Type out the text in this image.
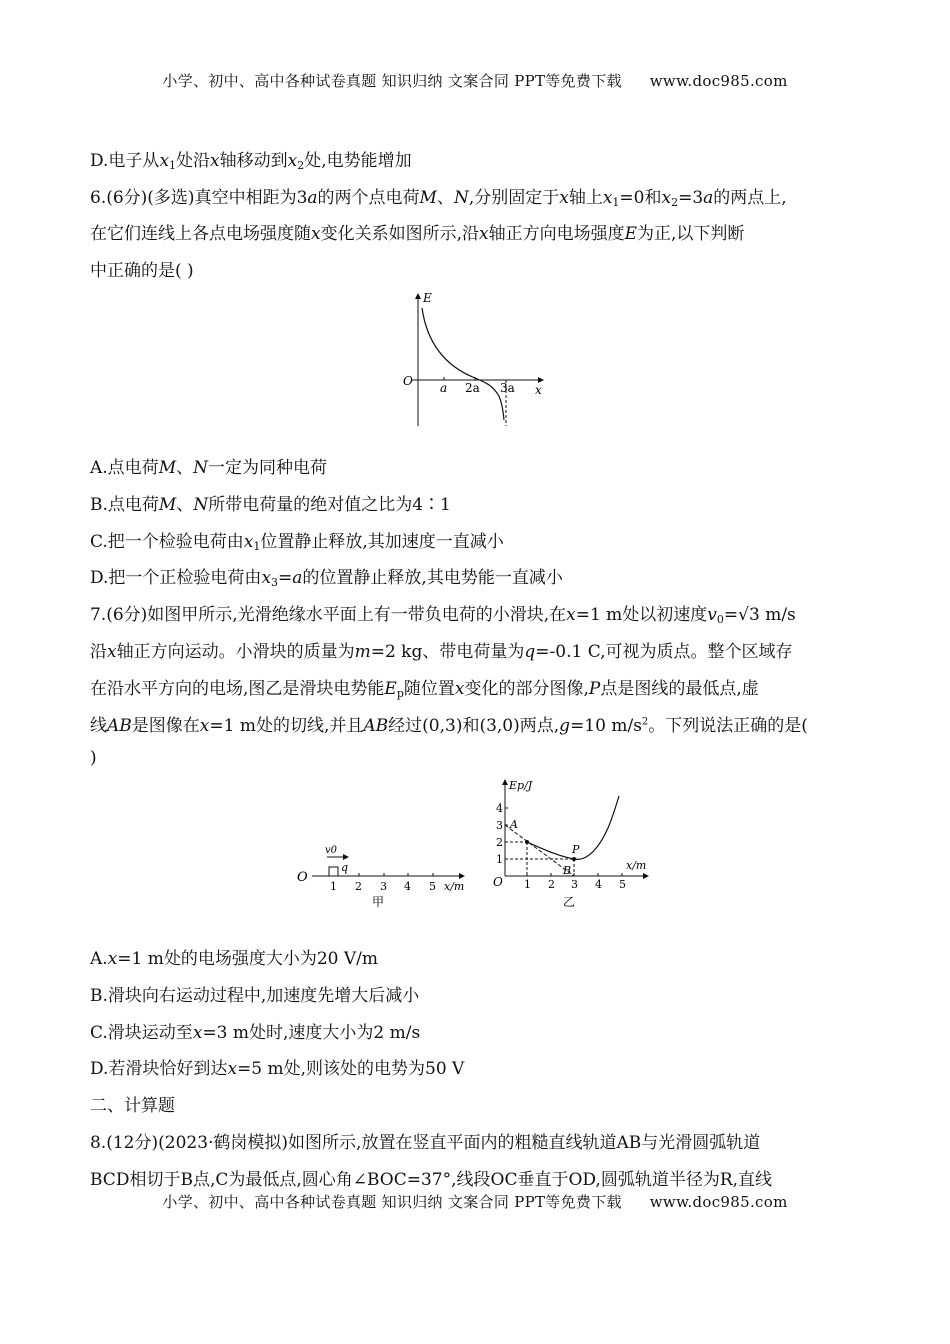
小学、初中、高中各种试卷真题 知识归纳 文案合同 PPT等免费下载 www.doc985.com
D.电子从$x_1$处沿x轴移动到$x_2$处,电势能增加
6.(6分)(多选)真空中相距为3a的两个点电荷M、N,分别固定于x轴上$x_1=0$和$x_2=3a$的两点上,
在它们连线上各点电场强度随x变化关系如图所示,沿x轴正方向电场强度E为正,以下判断
中正确的是( )
E
O a 2a 3a x
A.点电荷M、N一定为同种电荷
B.点电荷M、N所带电荷量的绝对值之比为4∶1
C.把一个检验电荷由$x_1$位置静止释放,其加速度一直减小
D.把一个正检验电荷由$x_3=a$的位置静止释放,其电势能一直减小
7.(6分)如图甲所示,光滑绝缘水平面上有一带负电荷的小滑块,在x=1 m处以初速度$v_0=√3$ m/s
沿x轴正方向运动。小滑块的质量为m=2 kg、带电荷量为q=-0.1 C,可视为质点。整个区域存
在沿水平方向的电场,图乙是滑块电势能$E_p$随位置x变化的部分图像,P点是图线的最低点,虚
线AB是图像在x=1 m处的切线,并且AB经过(0,3)和(3,0)两点,g=10 $m/s^2$。下列说法正确的是(
)
O
v0
q
1 2 3 4 5 x/m
甲
Ep/J
1
2
3
4
O 1 2 3 4 5
x/m
A
B
P
乙
A.x=1 m处的电场强度大小为20 V/m
B.滑块向右运动过程中,加速度先增大后减小
C.滑块运动至x=3 m处时,速度大小为2 m/s
D.若滑块恰好到达x=5 m处,则该处的电势为50 V
二、计算题
8.(12分)(2023·鹤岗模拟)如图所示,放置在竖直平面内的粗糙直线轨道AB与光滑圆弧轨道
BCD相切于B点,C为最低点,圆心角∠BOC=37°,线段OC垂直于OD,圆弧轨道半径为R,直线
小学、初中、高中各种试卷真题 知识归纳 文案合同 PPT等免费下载 www.doc985.com
